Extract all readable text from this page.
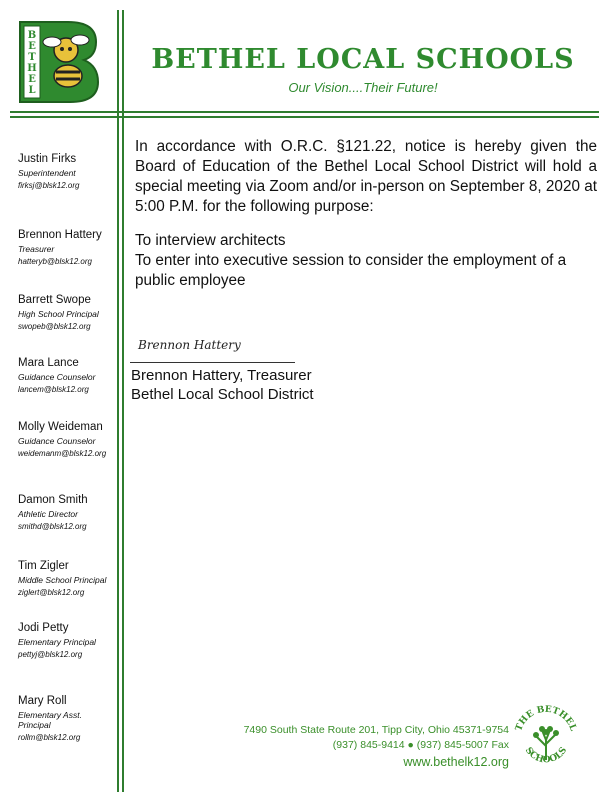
BETHEL
BETHEL LOCAL SCHOOLS
Our Vision....Their Future!
Justin Firks
Superintendent
firksj@blsk12.org
Brennon Hattery
Treasurer
hatteryb@blsk12.org
Barrett Swope
High School Principal
swopeb@blsk12.org
Mara Lance
Guidance Counselor
lancem@blsk12.org
Molly Weideman
Guidance Counselor
weidemanm@blsk12.org
Damon Smith
Athletic Director
smithd@blsk12.org
Tim Zigler
Middle School Principal
ziglert@blsk12.org
Jodi Petty
Elementary Principal
pettyj@blsk12.org
Mary Roll
Elementary Asst. Principal
rollm@blsk12.org
In accordance with O.R.C. §121.22, notice is hereby given the Board of Education of the Bethel Local School District will hold a special meeting via Zoom and/or in-person on September 8, 2020 at 5:00 P.M. for the following purpose:
To interview architects
To enter into executive session to consider the employment of a public employee
Brennon Hattery
Brennon Hattery, Treasurer
Bethel Local School District
7490 South State Route 201, Tipp City, Ohio 45371-9754
(937) 845-9414 ● (937) 845-5007 Fax
www.bethelk12.org
THE BETHEL
SCHOOLS
